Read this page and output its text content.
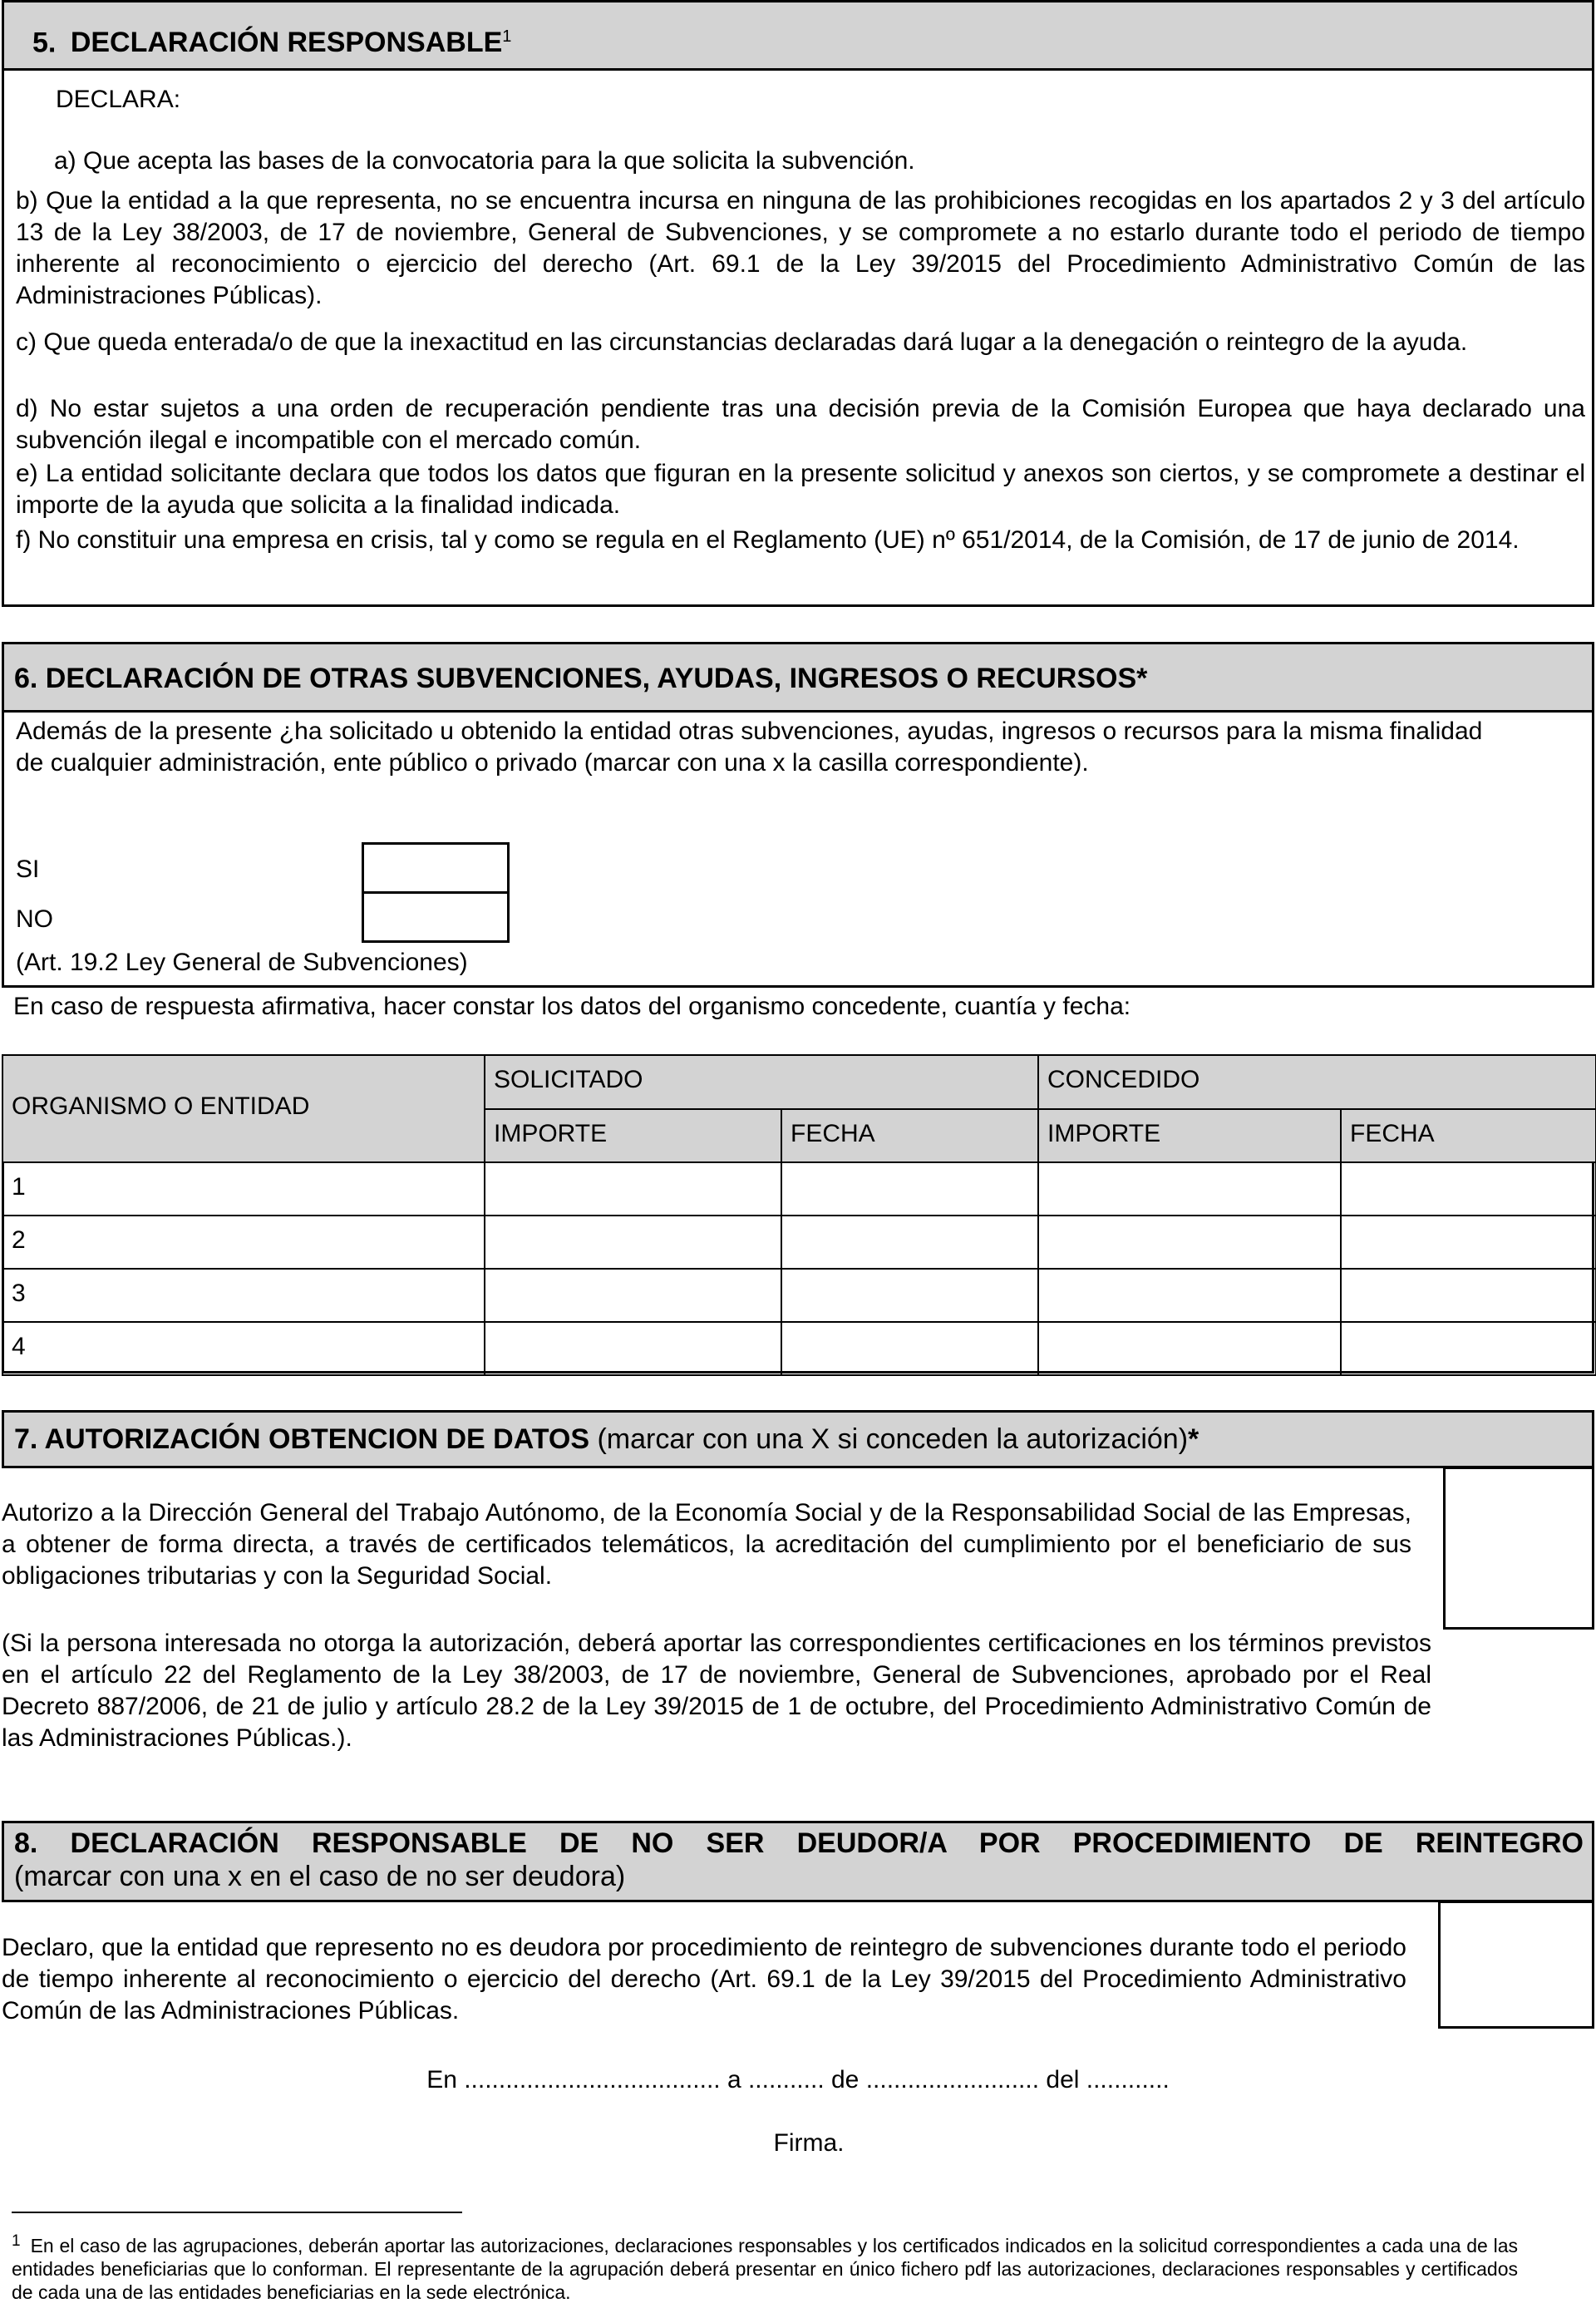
5. DECLARACIÓN RESPONSABLE$^1$
DECLARA:
a) Que acepta las bases de la convocatoria para la que solicita la subvención.
b) Que la entidad a la que representa, no se encuentra incursa en ninguna de las prohibiciones recogidas en los apartados 2 y 3 del artículo 13 de la Ley 38/2003, de 17 de noviembre, General de Subvenciones, y se compromete a no estarlo durante todo el periodo de tiempo inherente al reconocimiento o ejercicio del derecho (Art. 69.1 de la Ley 39/2015 del Procedimiento Administrativo Común de las Administraciones Públicas).
c) Que queda enterada/o de que la inexactitud en las circunstancias declaradas dará lugar a la denegación o reintegro de la ayuda.
d) No estar sujetos a una orden de recuperación pendiente tras una decisión previa de la Comisión Europea que haya declarado una subvención ilegal e incompatible con el mercado común.
e) La entidad solicitante declara que todos los datos que figuran en la presente solicitud y anexos son ciertos, y se compromete a destinar el importe de la ayuda que solicita a la finalidad indicada.
f) No constituir una empresa en crisis, tal y como se regula en el Reglamento (UE) nº 651/2014, de la Comisión, de 17 de junio de 2014.
6. DECLARACIÓN DE OTRAS SUBVENCIONES, AYUDAS, INGRESOS O RECURSOS*
Además de la presente ¿ha solicitado u obtenido la entidad otras subvenciones, ayudas, ingresos o recursos para la misma finalidad de cualquier administración, ente público o privado (marcar con una x la casilla correspondiente).
SI
NO
(Art. 19.2 Ley General de Subvenciones)
En caso de respuesta afirmativa, hacer constar los datos del organismo concedente, cuantía y fecha:
ORGANISMO O ENTIDAD
SOLICITADO	CONCEDIDO
IMPORTE	FECHA	IMPORTE	FECHA
1
2
3
4
7. AUTORIZACIÓN OBTENCION DE DATOS (marcar con una X si conceden la autorización)*
Autorizo a la Dirección General del Trabajo Autónomo, de la Economía Social y de la Responsabilidad Social de las Empresas, a obtener de forma directa, a través de certificados telemáticos, la acreditación del cumplimiento por el beneficiario de sus obligaciones tributarias y con la Seguridad Social.
(Si la persona interesada no otorga la autorización, deberá aportar las correspondientes certificaciones en los términos previstos en el artículo 22 del Reglamento de la Ley 38/2003, de 17 de noviembre, General de Subvenciones, aprobado por el Real Decreto 887/2006, de 21 de julio y artículo 28.2 de la Ley 39/2015 de 1 de octubre, del Procedimiento Administrativo Común de las Administraciones Públicas.).
8. DECLARACIÓN RESPONSABLE DE NO SER DEUDOR/A POR PROCEDIMIENTO DE REINTEGRO
(marcar con una x en el caso de no ser deudora)
Declaro, que la entidad que represento no es deudora por procedimiento de reintegro de subvenciones durante todo el periodo de tiempo inherente al reconocimiento o ejercicio del derecho (Art. 69.1 de la Ley 39/2015 del Procedimiento Administrativo Común de las Administraciones Públicas.
En ..................................... a ........... de ......................... del ............
Firma.
$^1$ En el caso de las agrupaciones, deberán aportar las autorizaciones, declaraciones responsables y los certificados indicados en la solicitud correspondientes a cada una de las entidades beneficiarias que lo conforman. El representante de la agrupación deberá presentar en único fichero pdf las autorizaciones, declaraciones responsables y certificados de cada una de las entidades beneficiarias en la sede electrónica.
